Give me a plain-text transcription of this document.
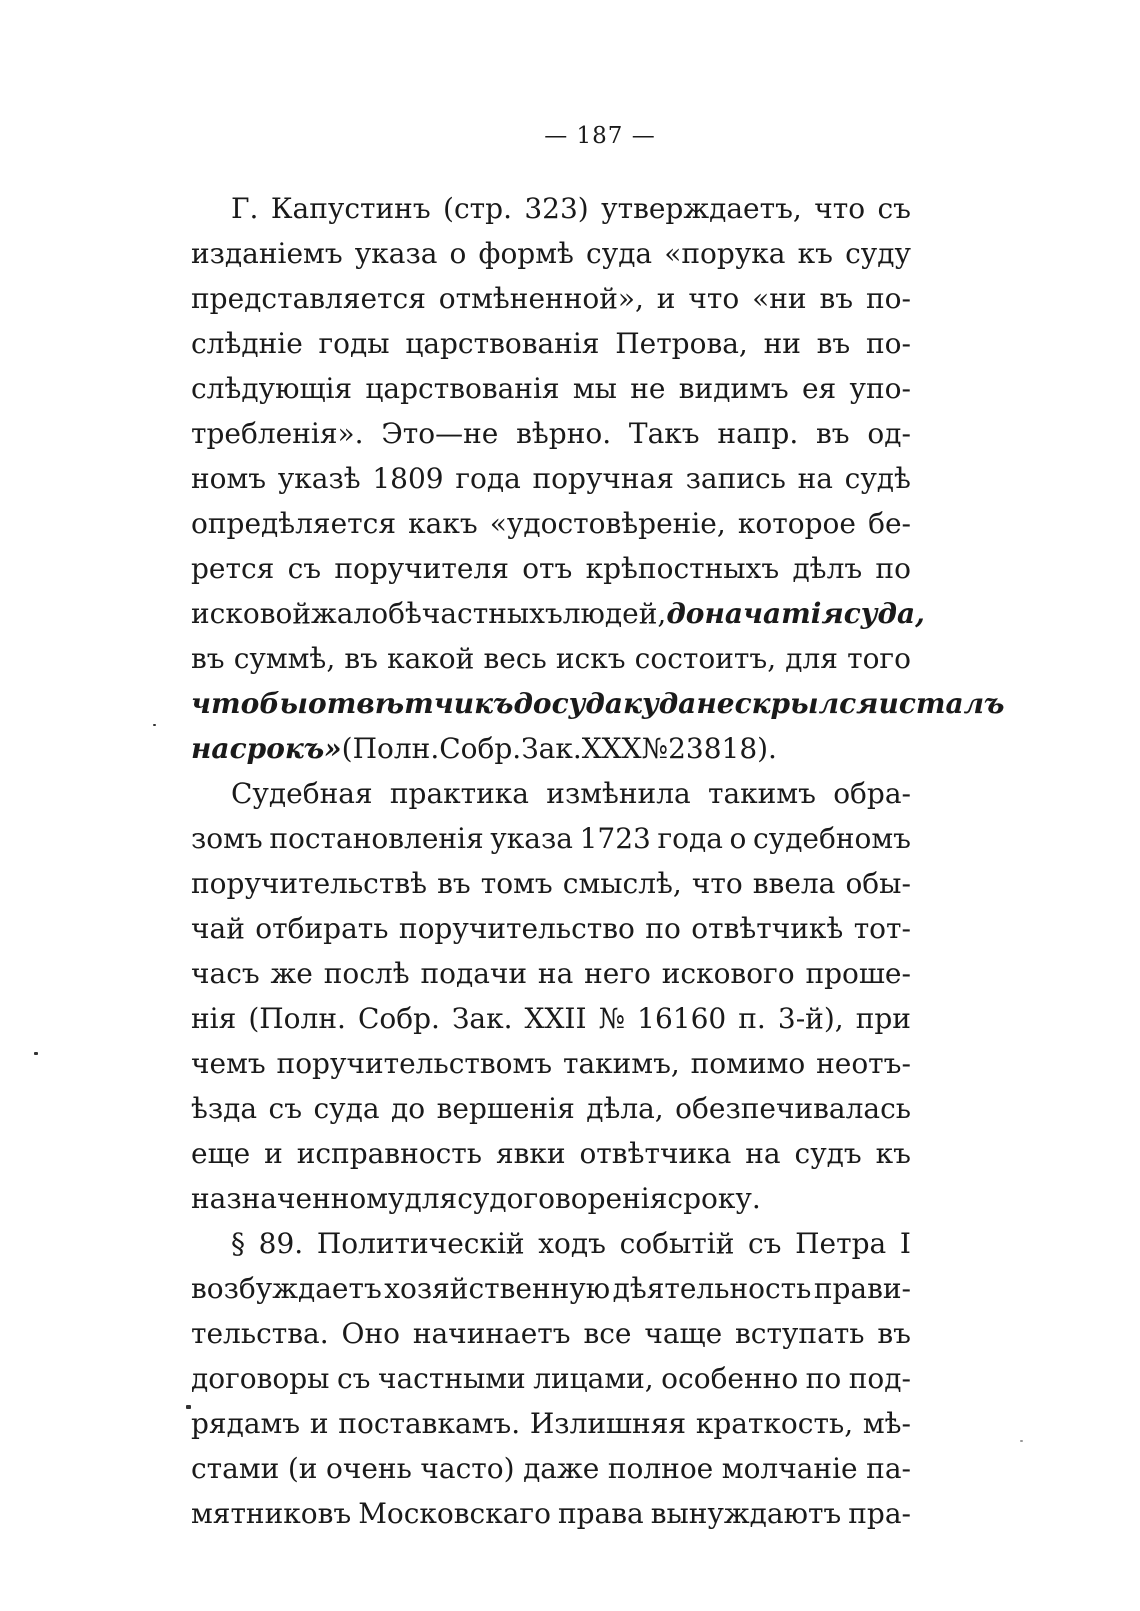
— 187 —
Г. Капустинъ (стр. 323) утверждаетъ, что съ
изданіемъ указа о формѣ суда «порука къ суду
представляется отмѣненной», и что «ни въ по-
слѣдніе годы царствованія Петрова, ни въ по-
слѣдующія царствованія мы не видимъ ея упо-
требленія». Это—не вѣрно. Такъ напр. въ од-
номъ указѣ 1809 года поручная запись на судѣ
опредѣляется какъ «удостовѣреніе, которое бе-
рется съ поручителя отъ крѣпостныхъ дѣлъ по
исковой жалобѣ частныхъ людей,до начатія суда,
въ суммѣ, въ какой весь искъ состоитъ, для того
чтобы отвѣтчикъ до суда куда не скрылся и сталъ
на срокъ» (Полн. Собр. Зак. XXX № 23818).
Судебная практика измѣнила такимъ обра-
зомъ постановленія указа 1723 года о судебномъ
поручительствѣ въ томъ смыслѣ, что ввела обы-
чай отбирать поручительство по отвѣтчикѣ тот-
часъ же послѣ подачи на него искового проше-
нія (Полн. Собр. Зак. XXII № 16160 п. 3-й), при
чемъ поручительствомъ такимъ, помимо неотъ-
ѣзда съ суда до вершенія дѣла, обезпечивалась
еще и исправность явки отвѣтчика на судъ къ
назначенному для судоговоренія сроку.
§ 89. Политическій ходъ событій съ Петра I
возбуждаетъ хозяйственную дѣятельность прави-
тельства. Оно начинаетъ все чаще вступать въ
договоры съ частными лицами, особенно по под-
рядамъ и поставкамъ. Излишняя краткость, мѣ-
стами (и очень часто) даже полное молчаніе па-
мятниковъ Московскаго права вынуждаютъ пра-
